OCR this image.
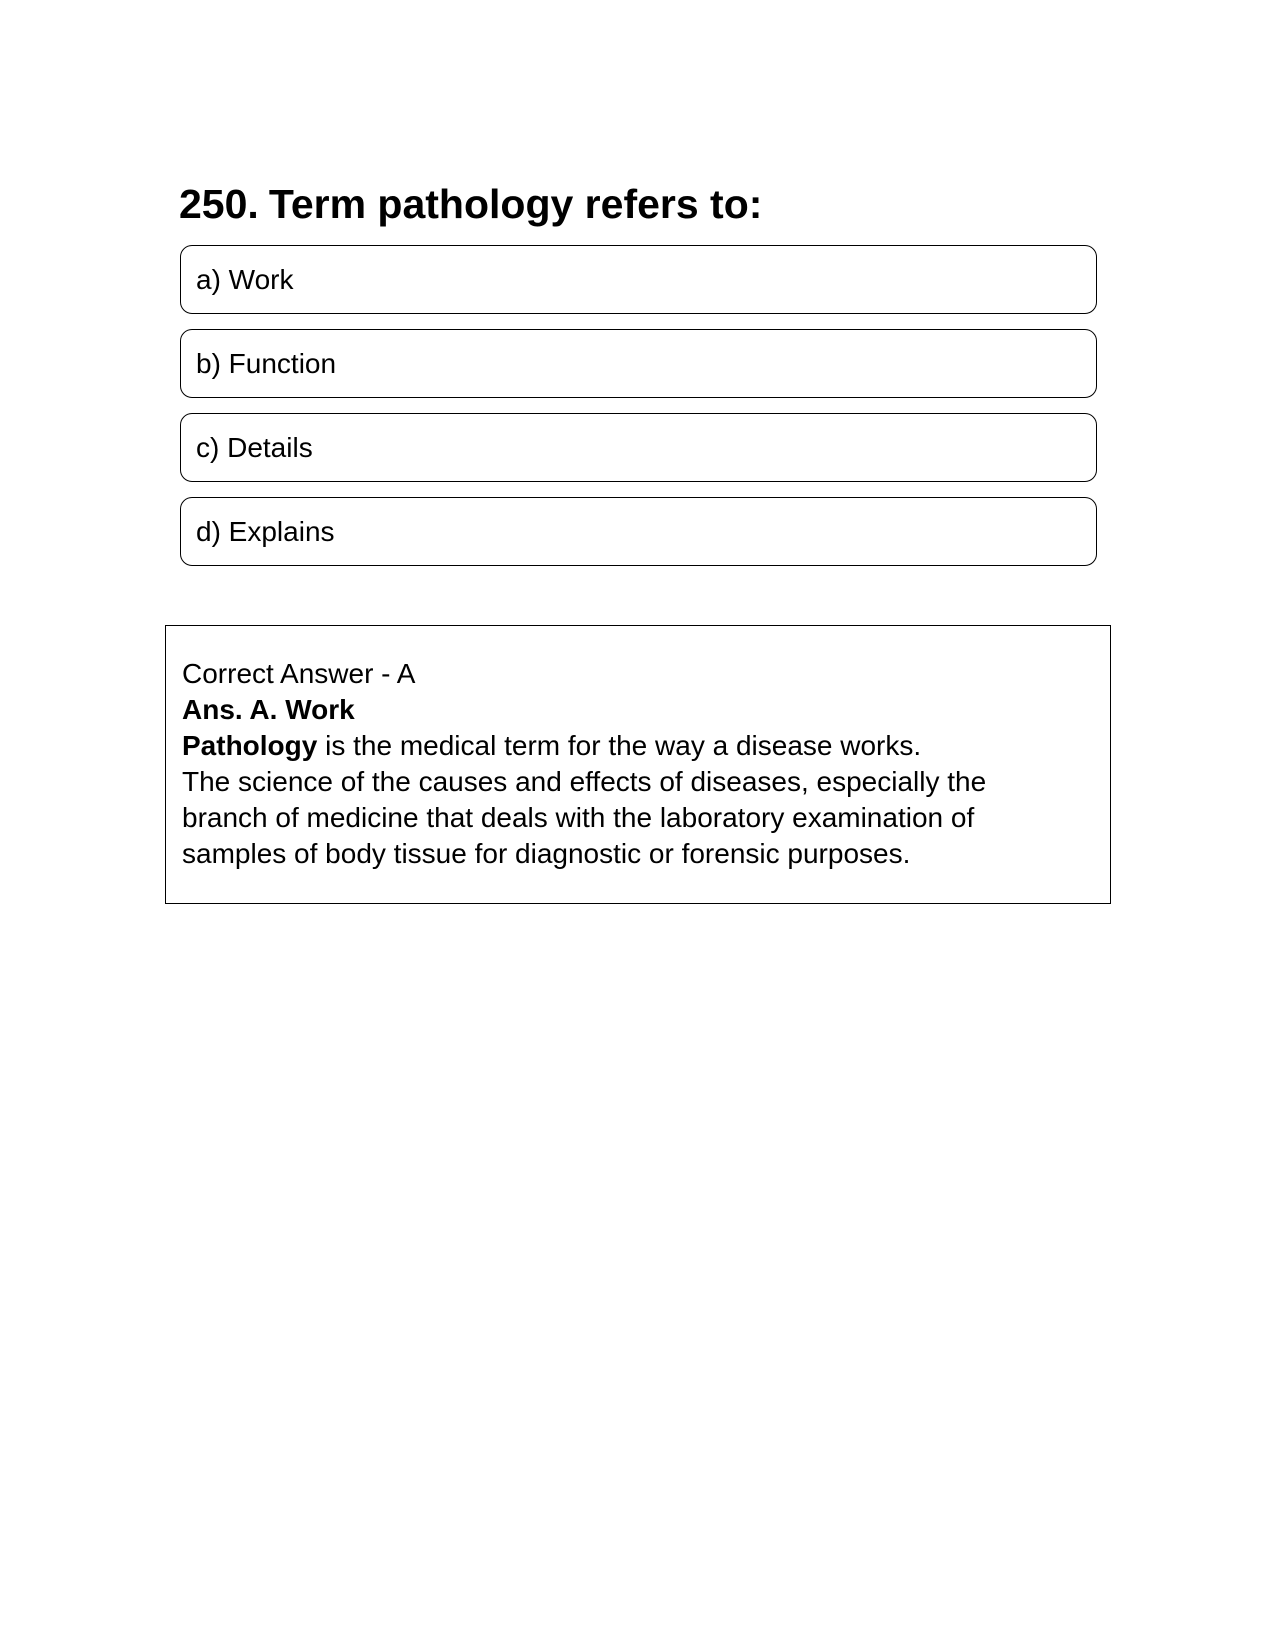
250. Term pathology refers to:
a) Work
b) Function
c) Details
d) Explains
Correct Answer - A
Ans. A. Work
Pathology is the medical term for the way a disease works.
The science of the causes and effects of diseases, especially the
branch of medicine that deals with the laboratory examination of
samples of body tissue for diagnostic or forensic purposes.
